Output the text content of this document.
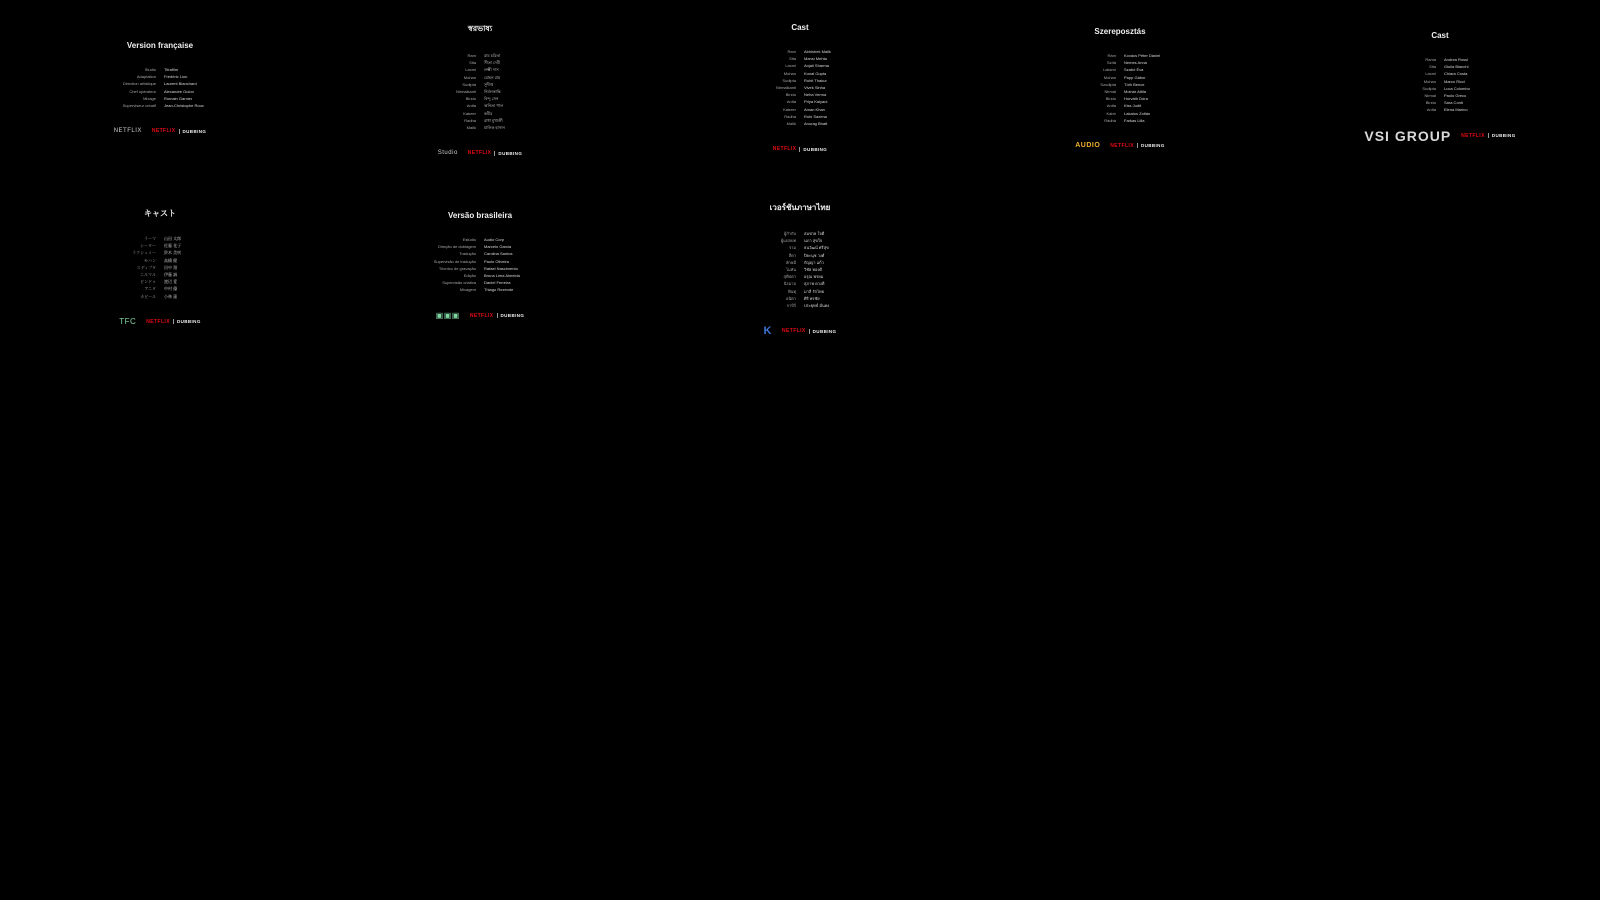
Version française
Studio Titrafilm
Adaptation Frédéric Lion
Direction artistique Laurent Blanchard
Chef opérateur Alexandre Guion
Mixage Romain Garnier
Superviseur créatif Jean-Christophe Roux
NETFLIX NETFLIX DUBBING
স্বরভাষ্য
Ram রাম চরিতা
Sita সীতা দেবী
Laxmi লক্ষ্মী দাস
Mohan মোহন রায়
Sudipta সুদীপ্ত
Nirmalkanti নির্মলকান্তি
Bindu বিন্দু সেন
Anita অনিতা পাল
Kabeer কবীর
Radha রাধা মুখার্জী
Malik মালিক হাসান
Studio NETFLIX DUBBING
Cast
Ram Abhishek Malik
Sita Mansi Mehta
Laxmi Anjali Sharma
Mohan Kunal Gupta
Sudipta Rohit Thakur
Nirmalkanti Vivek Sinha
Bindu Neha Verma
Anita Priya Kalyani
Kabeer Aman Khan
Radha Ruhi Saxena
Malik Anurag Bhatt
NETFLIX DUBBING
Szereposztás
Rám Kovács Péter Dániel
Szítá Nemes Anna
Laksmí Szabó Éva
Mohan Papp Gábor
Szudipta Tóth Bence
Nirmal Molnár Attila
Bindu Horváth Dóra
Anita Kiss Judit
Kabír Lakatos Zoltán
Rádhá Farkas Lilla
AUDIO NETFLIX DUBBING
Cast
Rama Andrea Rossi
Sita Giulia Bianchi
Laxmi Chiara Costa
Mohan Marco Ricci
Sudipta Luca Colombo
Nirmal Paolo Greco
Bindu Sara Conti
Anita Elena Marino
VSI GROUP NETFLIX DUBBING
キャスト
ラーマ 山田 太郎
シーター 佐藤 花子
ラクシュミー 鈴木 美咲
モハン 高橋 健
スディプタ 田中 翔
ニルマル 伊藤 誠
ビンドゥ 渡辺 愛
アニタ 中村 優
カビール 小林 蓮
TFC NETFLIX DUBBING
Versão brasileira
Estúdio Audio Corp
Direção de dublagem Marcelo Garcia
Tradução Carolina Santos
Supervisão de tradução Paulo Oliveira
Técnico de gravação Rafael Nascimento
Edição Bruna Lima Almeida
Supervisão criativa Daniel Ferreira
Mixagem Thiago Rezende
▣▣▣ NETFLIX DUBBING
เวอร์ชันภาษาไทย
ผู้กำกับ สมชาย ใจดี
ผู้แปลบท นภา สุขใจ
ราม ธนวัฒน์ ศรีสุข
สีดา ปิยะนุช วงศ์
ลักษมี กัญญา แก้ว
โมหัน วิชัย ทองดี
สุทีปตา อรุณ พรหม
นิรมาล สุภาพ ดวงดี
พินทุ มาลี รักไทย
อนิตา ศิริ พรชัย
กาบีร์ ประยุทธ์ มั่นคง
K NETFLIX DUBBING
